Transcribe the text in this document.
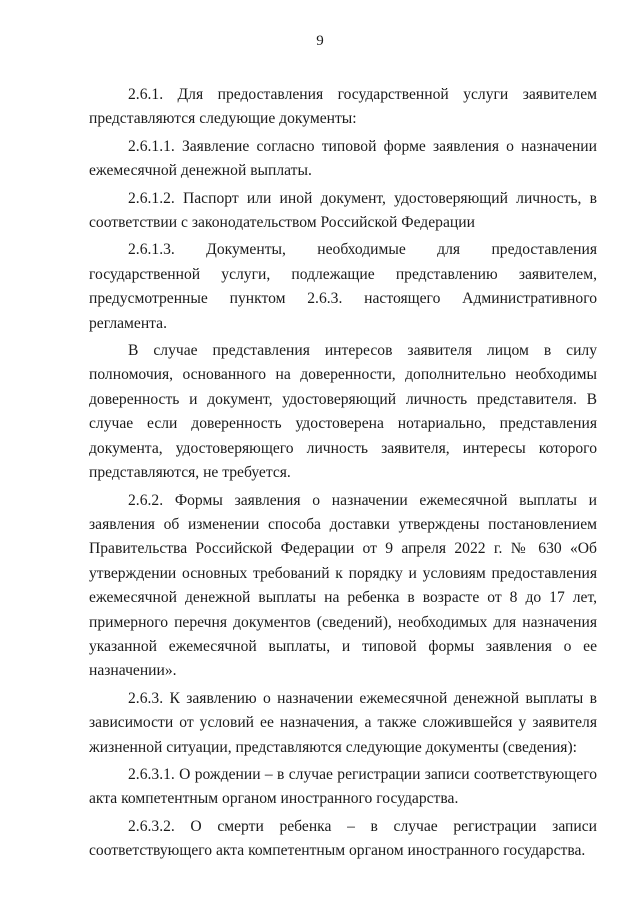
9

2.6.1. Для предоставления государственной услуги заявителем представляются следующие документы:

2.6.1.1. Заявление согласно типовой форме заявления о назначении ежемесячной денежной выплаты.

2.6.1.2. Паспорт или иной документ, удостоверяющий личность, в соответствии с законодательством Российской Федерации

2.6.1.3. Документы, необходимые для предоставления государственной услуги, подлежащие представлению заявителем, предусмотренные пунктом 2.6.3. настоящего Административного регламента.

В случае представления интересов заявителя лицом в силу полномочия, основанного на доверенности, дополнительно необходимы доверенность и документ, удостоверяющий личность представителя. В случае если доверенность удостоверена нотариально, представления документа, удостоверяющего личность заявителя, интересы которого представляются, не требуется.

2.6.2. Формы заявления о назначении ежемесячной выплаты и заявления об изменении способа доставки утверждены постановлением Правительства Российской Федерации от 9 апреля 2022 г. № 630 «Об утверждении основных требований к порядку и условиям предоставления ежемесячной денежной выплаты на ребенка в возрасте от 8 до 17 лет, примерного перечня документов (сведений), необходимых для назначения указанной ежемесячной выплаты, и типовой формы заявления о ее назначении».

2.6.3. К заявлению о назначении ежемесячной денежной выплаты в зависимости от условий ее назначения, а также сложившейся у заявителя жизненной ситуации, представляются следующие документы (сведения):

2.6.3.1. О рождении – в случае регистрации записи соответствующего акта компетентным органом иностранного государства.

2.6.3.2. О смерти ребенка – в случае регистрации записи соответствующего акта компетентным органом иностранного государства.
